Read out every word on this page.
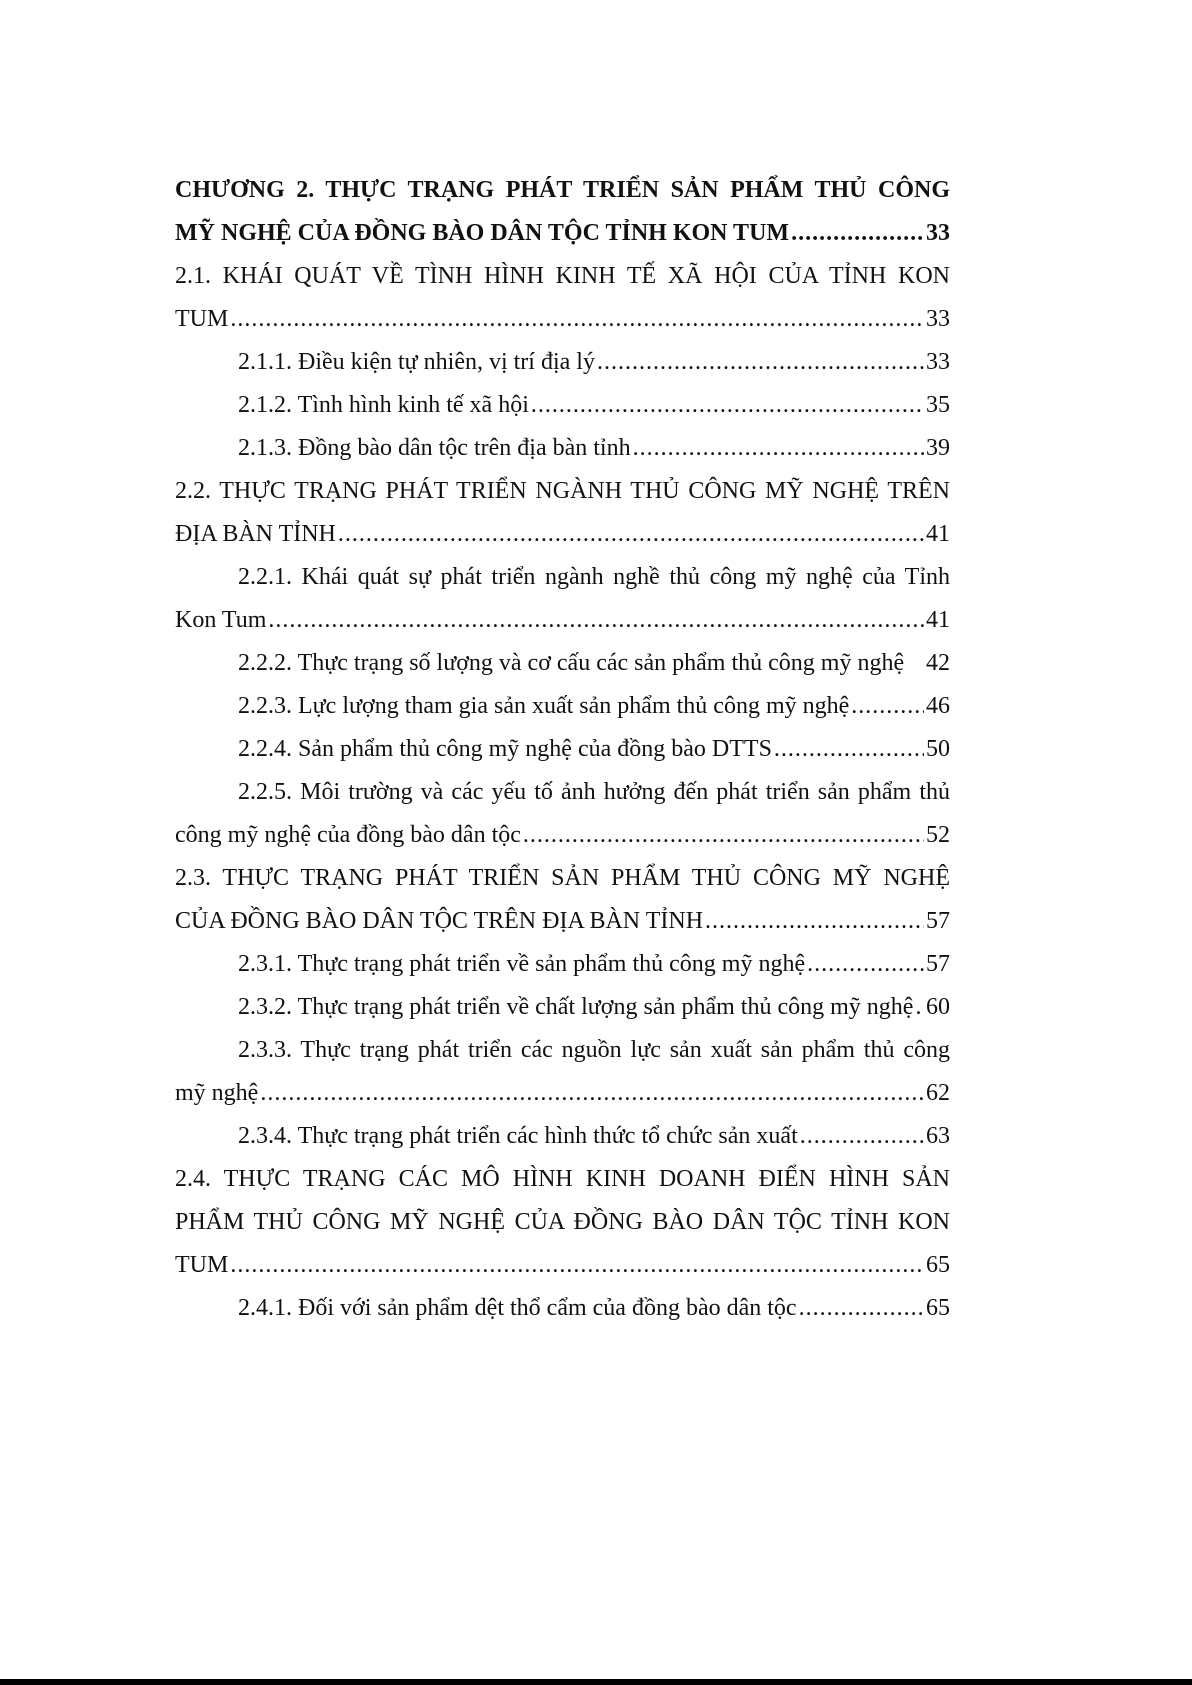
CHƯƠNG 2. THỰC TRẠNG PHÁT TRIỂN SẢN PHẨM THỦ CÔNG
MỸ NGHỆ CỦA ĐỒNG BÀO DÂN TỘC TỈNH KON TUM .....	33
2.1. KHÁI QUÁT VỀ TÌNH HÌNH KINH TẾ XÃ HỘI CỦA TỈNH KON
TUM .....	33
2.1.1. Điều kiện tự nhiên, vị trí địa lý .....	33
2.1.2. Tình hình kinh tế xã hội .....	35
2.1.3. Đồng bào dân tộc trên địa bàn tỉnh .....	39
2.2. THỰC TRẠNG PHÁT TRIỂN NGÀNH THỦ CÔNG MỸ NGHỆ TRÊN
ĐỊA BÀN TỈNH .....	41
2.2.1. Khái quát sự phát triển ngành nghề thủ công mỹ nghệ của Tỉnh
Kon Tum .....	41
2.2.2. Thực trạng số lượng và cơ cấu các sản phẩm thủ công mỹ nghệ 42
2.2.3. Lực lượng tham gia sản xuất sản phẩm thủ công mỹ nghệ .....	46
2.2.4. Sản phẩm thủ công mỹ nghệ của đồng bào DTTS .....	50
2.2.5. Môi trường và các yếu tố ảnh hưởng đến phát triển sản phẩm thủ
công mỹ nghệ của đồng bào dân tộc .....	52
2.3. THỰC TRẠNG PHÁT TRIỂN SẢN PHẨM THỦ CÔNG MỸ NGHỆ
CỦA ĐỒNG BÀO DÂN TỘC TRÊN ĐỊA BÀN TỈNH .....	57
2.3.1. Thực trạng phát triển về sản phẩm thủ công mỹ nghệ .....	57
2.3.2. Thực trạng phát triển về chất lượng sản phẩm thủ công mỹ nghệ ..... 60
2.3.3. Thực trạng phát triển các nguồn lực sản xuất sản phẩm thủ công
mỹ nghệ .....	62
2.3.4. Thực trạng phát triển các hình thức tổ chức sản xuất .....	63
2.4. THỰC TRẠNG CÁC MÔ HÌNH KINH DOANH ĐIỂN HÌNH SẢN
PHẨM THỦ CÔNG MỸ NGHỆ CỦA ĐỒNG BÀO DÂN TỘC TỈNH KON
TUM .....	65
2.4.1. Đối với sản phẩm dệt thổ cẩm của đồng bào dân tộc .....	65
